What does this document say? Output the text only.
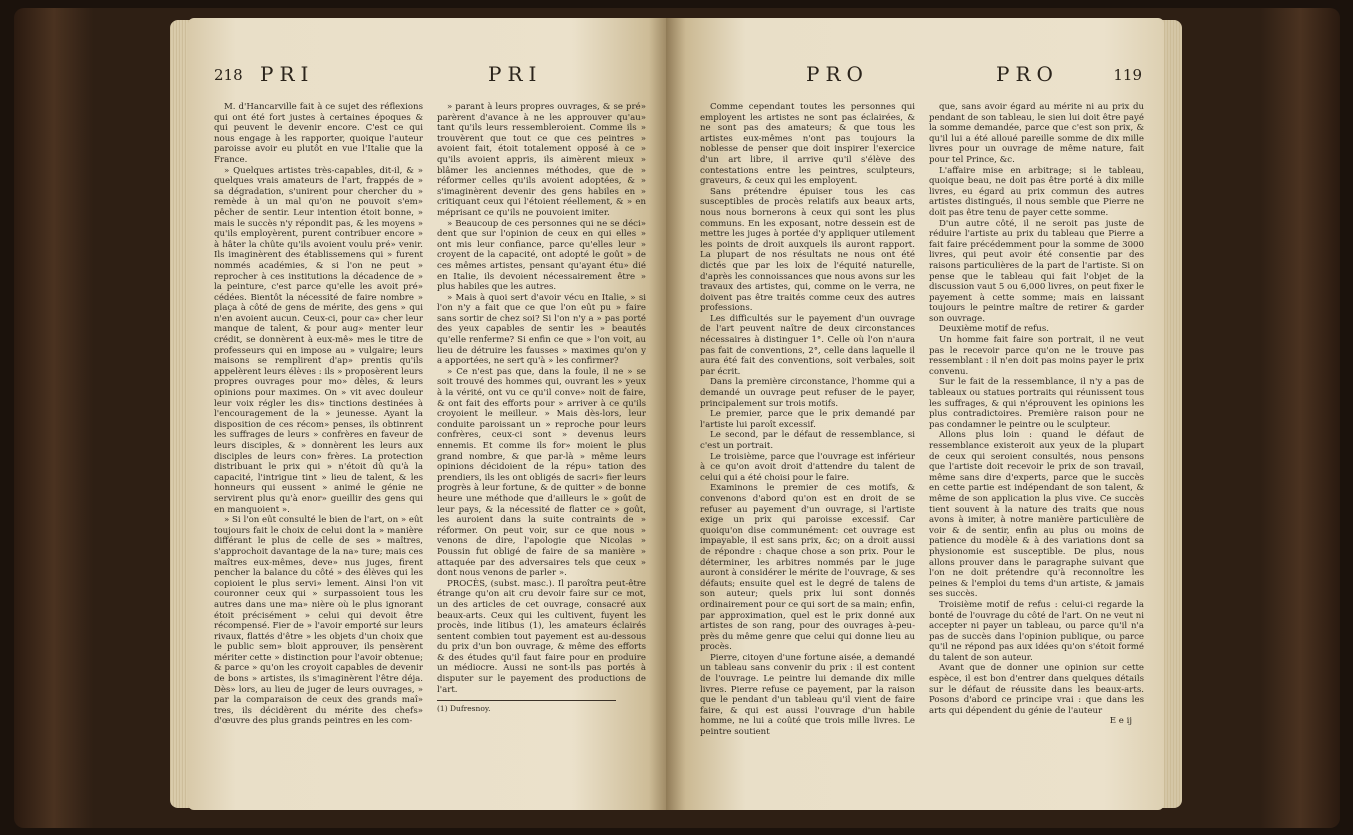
218 PRI	PRI

M. d'Hancarville fait à ce sujet des réflexions qui ont été fort justes à certaines époques & qui peuvent le devenir encore. C'est ce qui nous engage à les rapporter, quoique l'auteur paroisse avoir eu plutôt en vue l'Italie que la France.

» Quelques artistes très-capables, dit-il, & » quelques vrais amateurs de l'art, frappés de » sa dégradation, s'unirent pour chercher du » remède à un mal qu'on ne pouvoit s'em» pêcher de sentir. Leur intention étoit bonne, » mais le succès n'y répondit pas, & les moyens » qu'ils employèrent, purent contribuer encore » à hâter la chûte qu'ils avoient voulu pré» venir. Ils imaginèrent des établissemens qui » furent nommés académies, & si l'on ne peut » reprocher à ces institutions la décadence de » la peinture, c'est parce qu'elle les avoit pré» cédées. Bientôt la nécessité de faire nombre » plaça à côté de gens de mérite, des gens » qui n'en avoient aucun. Ceux-ci, pour ca» cher leur manque de talent, & pour aug» menter leur crédit, se donnèrent à eux-mê» mes le titre de professeurs qui en impose au » vulgaire; leurs maisons se remplirent d'ap» prentis qu'ils appelèrent leurs élèves : ils » proposèrent leurs propres ouvrages pour mo» dèles, & leurs opinions pour maximes. On » vit avec douleur leur voix régler les dis» tinctions destinées à l'encouragement de la » jeunesse. Ayant la disposition de ces récom» penses, ils obtinrent les suffrages de leurs » confrères en faveur de leurs disciples, & » donnèrent les leurs aux disciples de leurs con» frères. La protection distribuant le prix qui » n'étoit dû qu'à la capacité, l'intrigue tint » lieu de talent, & les honneurs qui eussent » animé le génie ne servirent plus qu'à enor» gueillir des gens qui en manquoient ».

» Si l'on eût consulté le bien de l'art, on » eût toujours fait le choix de celui dont la » manière différant le plus de celle de ses » maîtres, s'approchoit davantage de la na» ture; mais ces maîtres eux-mêmes, deve» nus juges, firent pencher la balance du côté » des élèves qui les copioient le plus servi» lement. Ainsi l'on vit couronner ceux qui » surpassoient tous les autres dans une ma» nière où le plus ignorant étoit précisément » celui qui devoit être récompensé. Fier de » l'avoir emporté sur leurs rivaux, flattés d'être » les objets d'un choix que le public sem» bloit approuver, ils pensèrent mériter cette » distinction pour l'avoir obtenue; & parce » qu'on les croyoit capables de devenir de bons » artistes, ils s'imaginèrent l'être déja. Dès» lors, au lieu de juger de leurs ouvrages, » par la comparaison de ceux des grands maî» tres, ils décidèrent du mérite des chefs» d'œuvre des plus grands peintres en les com-

» parant à leurs propres ouvrages, & se pré» parèrent d'avance à ne les approuver qu'au» tant qu'ils leurs ressembleroient. Comme ils » trouvèrent que tout ce que ces peintres » avoient fait, étoit totalement opposé à ce » qu'ils avoient appris, ils aimèrent mieux » blâmer les anciennes méthodes, que de » réformer celles qu'ils avoient adoptées, & » s'imaginèrent devenir des gens habiles en » critiquant ceux qui l'étoient réellement, & » en méprisant ce qu'ils ne pouvoient imiter.

» Beaucoup de ces personnes qui ne se déci» dent que sur l'opinion de ceux en qui elles » ont mis leur confiance, parce qu'elles leur » croyent de la capacité, ont adopté le goût » de ces mêmes artistes, pensant qu'ayant étu» dié en Italie, ils devoient nécessairement être » plus habiles que les autres.

» Mais à quoi sert d'avoir vécu en Italie, » si l'on n'y a fait que ce que l'on eût pu » faire sans sortir de chez soi? Si l'on n'y a » pas porté des yeux capables de sentir les » beautés qu'elle renferme? Si enfin ce que » l'on voit, au lieu de détruire les fausses » maximes qu'on y a apportées, ne sert qu'à » les confirmer?

» Ce n'est pas que, dans la foule, il ne » se soit trouvé des hommes qui, ouvrant les » yeux à la vérité, ont vu ce qu'il conve» noit de faire, & ont fait des efforts pour » arriver à ce qu'ils croyoient le meilleur. » Mais dès-lors, leur conduite paroissant un » reproche pour leurs confrères, ceux-ci sont » devenus leurs ennemis. Et comme ils for» moient le plus grand nombre, & que par-là » même leurs opinions décidoient de la répu» tation des prendiers, ils les ont obligés de sacri» fier leurs progrès à leur fortune, & de quitter » de bonne heure une méthode que d'ailleurs le » goût de leur pays, & la nécessité de flatter ce » goût, les auroient dans la suite contraints de » réformer. On peut voir, sur ce que nous » venons de dire, l'apologie que Nicolas » Poussin fut obligé de faire de sa manière » attaquée par des adversaires tels que ceux » dont nous venons de parler ».

PROCÈS, (subst. masc.). Il paroîtra peut-être étrange qu'on ait cru devoir faire sur ce mot, un des articles de cet ouvrage, consacré aux beaux-arts. Ceux qui les cultivent, fuyent les procès, inde litibus (1), les amateurs éclairés sentent combien tout payement est au-dessous du prix d'un bon ouvrage, & même des efforts & des études qu'il faut faire pour en produire un médiocre. Aussi ne sont-ils pas portés à disputer sur le payement des productions de l'art.

(1) Dufresnoy.
PRO	PRO	119

Comme cependant toutes les personnes qui employent les artistes ne sont pas éclairées, & ne sont pas des amateurs; & que tous les artistes eux-mêmes n'ont pas toujours la noblesse de penser que doit inspirer l'exercice d'un art libre, il arrive qu'il s'élève des contestations entre les peintres, sculpteurs, graveurs, & ceux qui les employent.

Sans prétendre épuiser tous les cas susceptibles de procès relatifs aux beaux arts, nous nous bornerons à ceux qui sont les plus communs. En les exposant, notre dessein est de mettre les juges à portée d'y appliquer utilement les points de droit auxquels ils auront rapport. La plupart de nos résultats ne nous ont été dictés que par les loix de l'équité naturelle, d'après les connoissances que nous avons sur les travaux des artistes, qui, comme on le verra, ne doivent pas être traités comme ceux des autres professions.

Les difficultés sur le payement d'un ouvrage de l'art peuvent naître de deux circonstances nécessaires à distinguer 1°. Celle où l'on n'aura pas fait de conventions, 2°, celle dans laquelle il aura été fait des conventions, soit verbales, soit par écrit.

Dans la première circonstance, l'homme qui a demandé un ouvrage peut refuser de le payer, principalement sur trois motifs.

Le premier, parce que le prix demandé par l'artiste lui paroît excessif.

Le second, par le défaut de ressemblance, si c'est un portrait.

Le troisième, parce que l'ouvrage est inférieur à ce qu'on avoit droit d'attendre du talent de celui qui a été choisi pour le faire.

Examinons le premier de ces motifs, & convenons d'abord qu'on est en droit de se refuser au payement d'un ouvrage, si l'artiste exige un prix qui paroisse excessif. Car quoiqu'on dise communément: cet ouvrage est impayable, il est sans prix, &c; on a droit aussi de répondre : chaque chose a son prix. Pour le déterminer, les arbitres nommés par le juge auront à considérer le mérite de l'ouvrage, & ses défauts; ensuite quel est le degré de talens de son auteur; quels prix lui sont donnés ordinairement pour ce qui sort de sa main; enfin, par approximation, quel est le prix donné aux artistes de son rang, pour des ouvrages à-peu-près du même genre que celui qui donne lieu au procès.

Pierre, citoyen d'une fortune aisée, a demandé un tableau sans convenir du prix : il est content de l'ouvrage. Le peintre lui demande dix mille livres. Pierre refuse ce payement, par la raison que le pendant d'un tableau qu'il vient de faire faire, & qui est aussi l'ouvrage d'un habile homme, ne lui a coûté que trois mille livres. Le peintre soutient

que, sans avoir égard au mérite ni au prix du pendant de son tableau, le sien lui doit être payé la somme demandée, parce que c'est son prix, & qu'il lui a été alloué pareille somme de dix mille livres pour un ouvrage de même nature, fait pour tel Prince, &c.

L'affaire mise en arbitrage; si le tableau, quoique beau, ne doit pas être porté à dix mille livres, eu égard au prix commun des autres artistes distingués, il nous semble que Pierre ne doit pas être tenu de payer cette somme.

D'un autre côté, il ne seroit pas juste de réduire l'artiste au prix du tableau que Pierre a fait faire précédemment pour la somme de 3000 livres, qui peut avoir été consentie par des raisons particulières de la part de l'artiste. Si on pense que le tableau qui fait l'objet de la discussion vaut 5 ou 6,000 livres, on peut fixer le payement à cette somme; mais en laissant toujours le peintre maître de retirer & garder son ouvrage.

Deuxième motif de refus.

Un homme fait faire son portrait, il ne veut pas le recevoir parce qu'on ne le trouve pas ressemblant : il n'en doit pas moins payer le prix convenu.

Sur le fait de la ressemblance, il n'y a pas de tableaux ou statues portraits qui réunissent tous les suffrages, & qui n'éprouvent les opinions les plus contradictoires. Première raison pour ne pas condamner le peintre ou le sculpteur.

Allons plus loin : quand le défaut de ressemblance existeroit aux yeux de la plupart de ceux qui seroient consultés, nous pensons que l'artiste doit recevoir le prix de son travail, même sans dire d'experts, parce que le succès en cette partie est indépendant de son talent, & même de son application la plus vive. Ce succès tient souvent à la nature des traits que nous avons à imiter, à notre manière particulière de voir & de sentir, enfin au plus ou moins de patience du modèle & à des variations dont sa physionomie est susceptible. De plus, nous allons prouver dans le paragraphe suivant que l'on ne doit prétendre qu'à reconnoître les peines & l'emploi du tems d'un artiste, & jamais ses succès.

Troisième motif de refus : celui-ci regarde la bonté de l'ouvrage du côté de l'art. On ne veut ni accepter ni payer un tableau, ou parce qu'il n'a pas de succès dans l'opinion publique, ou parce qu'il ne répond pas aux idées qu'on s'étoit formé du talent de son auteur.

Avant que de donner une opinion sur cette espèce, il est bon d'entrer dans quelques détails sur le défaut de réussite dans les beaux-arts. Posons d'abord ce principe vrai : que dans les arts qui dépendent du génie de l'auteur

E e ij
